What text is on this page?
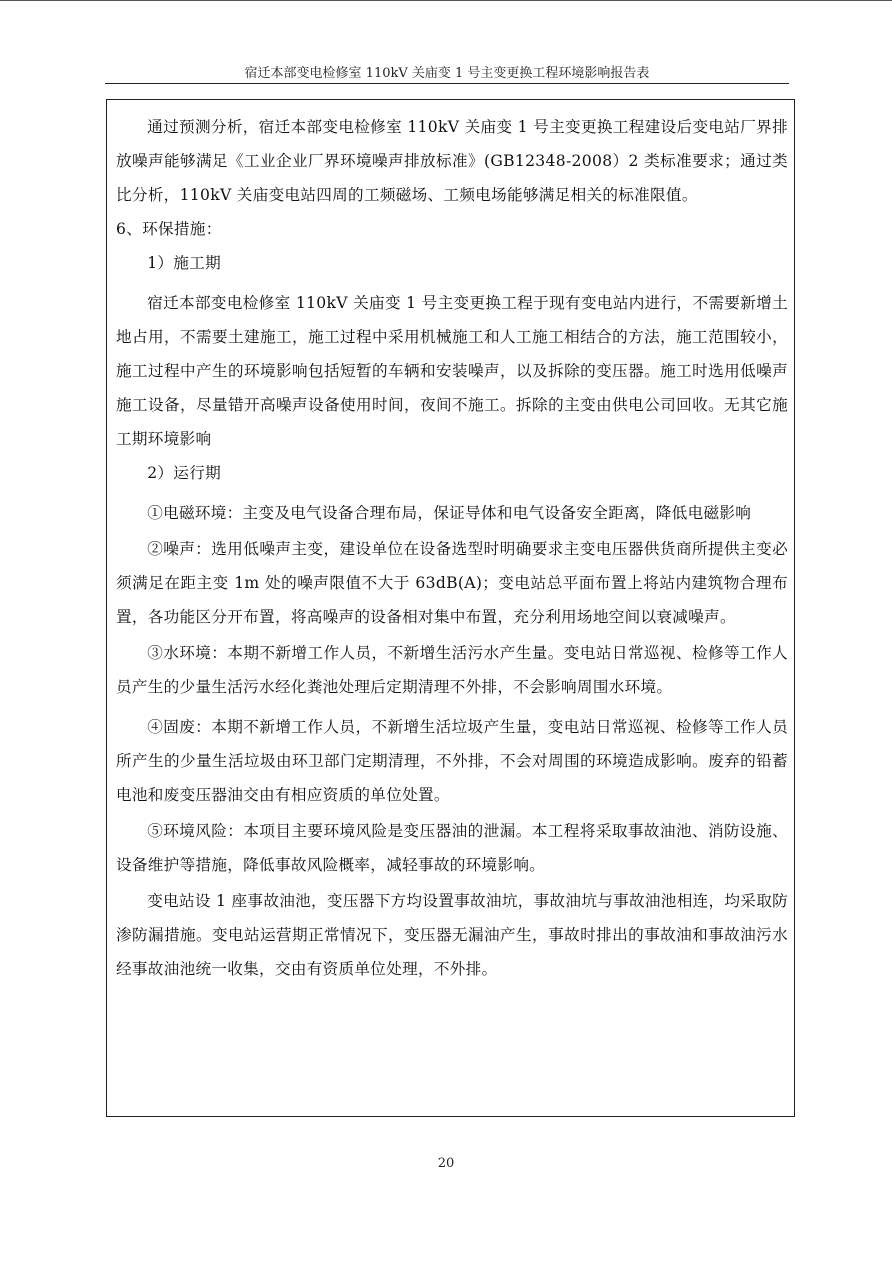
宿迁本部变电检修室 110kV 关庙变 1 号主变更换工程环境影响报告表

通过预测分析，宿迁本部变电检修室 110kV 关庙变 1 号主变更换工程建设后变电站厂界排放噪声能够满足《工业企业厂界环境噪声排放标准》(GB12348-2008）2 类标准要求；通过类比分析，110kV 关庙变电站四周的工频磁场、工频电场能够满足相关的标准限值。

6、环保措施：

1）施工期

宿迁本部变电检修室 110kV 关庙变 1 号主变更换工程于现有变电站内进行，不需要新增土地占用，不需要土建施工，施工过程中采用机械施工和人工施工相结合的方法，施工范围较小，施工过程中产生的环境影响包括短暂的车辆和安装噪声，以及拆除的变压器。施工时选用低噪声施工设备，尽量错开高噪声设备使用时间，夜间不施工。拆除的主变由供电公司回收。无其它施工期环境影响

2）运行期

①电磁环境：主变及电气设备合理布局，保证导体和电气设备安全距离，降低电磁影响

②噪声：选用低噪声主变，建设单位在设备选型时明确要求主变电压器供货商所提供主变必须满足在距主变 1m 处的噪声限值不大于 63dB(A)；变电站总平面布置上将站内建筑物合理布置，各功能区分开布置，将高噪声的设备相对集中布置，充分利用场地空间以衰减噪声。

③水环境：本期不新增工作人员，不新增生活污水产生量。变电站日常巡视、检修等工作人员产生的少量生活污水经化粪池处理后定期清理不外排，不会影响周围水环境。

④固废：本期不新增工作人员，不新增生活垃圾产生量，变电站日常巡视、检修等工作人员所产生的少量生活垃圾由环卫部门定期清理，不外排，不会对周围的环境造成影响。废弃的铅蓄电池和废变压器油交由有相应资质的单位处置。

⑤环境风险：本项目主要环境风险是变压器油的泄漏。本工程将采取事故油池、消防设施、设备维护等措施，降低事故风险概率，减轻事故的环境影响。

变电站设 1 座事故油池，变压器下方均设置事故油坑，事故油坑与事故油池相连，均采取防渗防漏措施。变电站运营期正常情况下，变压器无漏油产生，事故时排出的事故油和事故油污水经事故油池统一收集，交由有资质单位处理，不外排。

20
